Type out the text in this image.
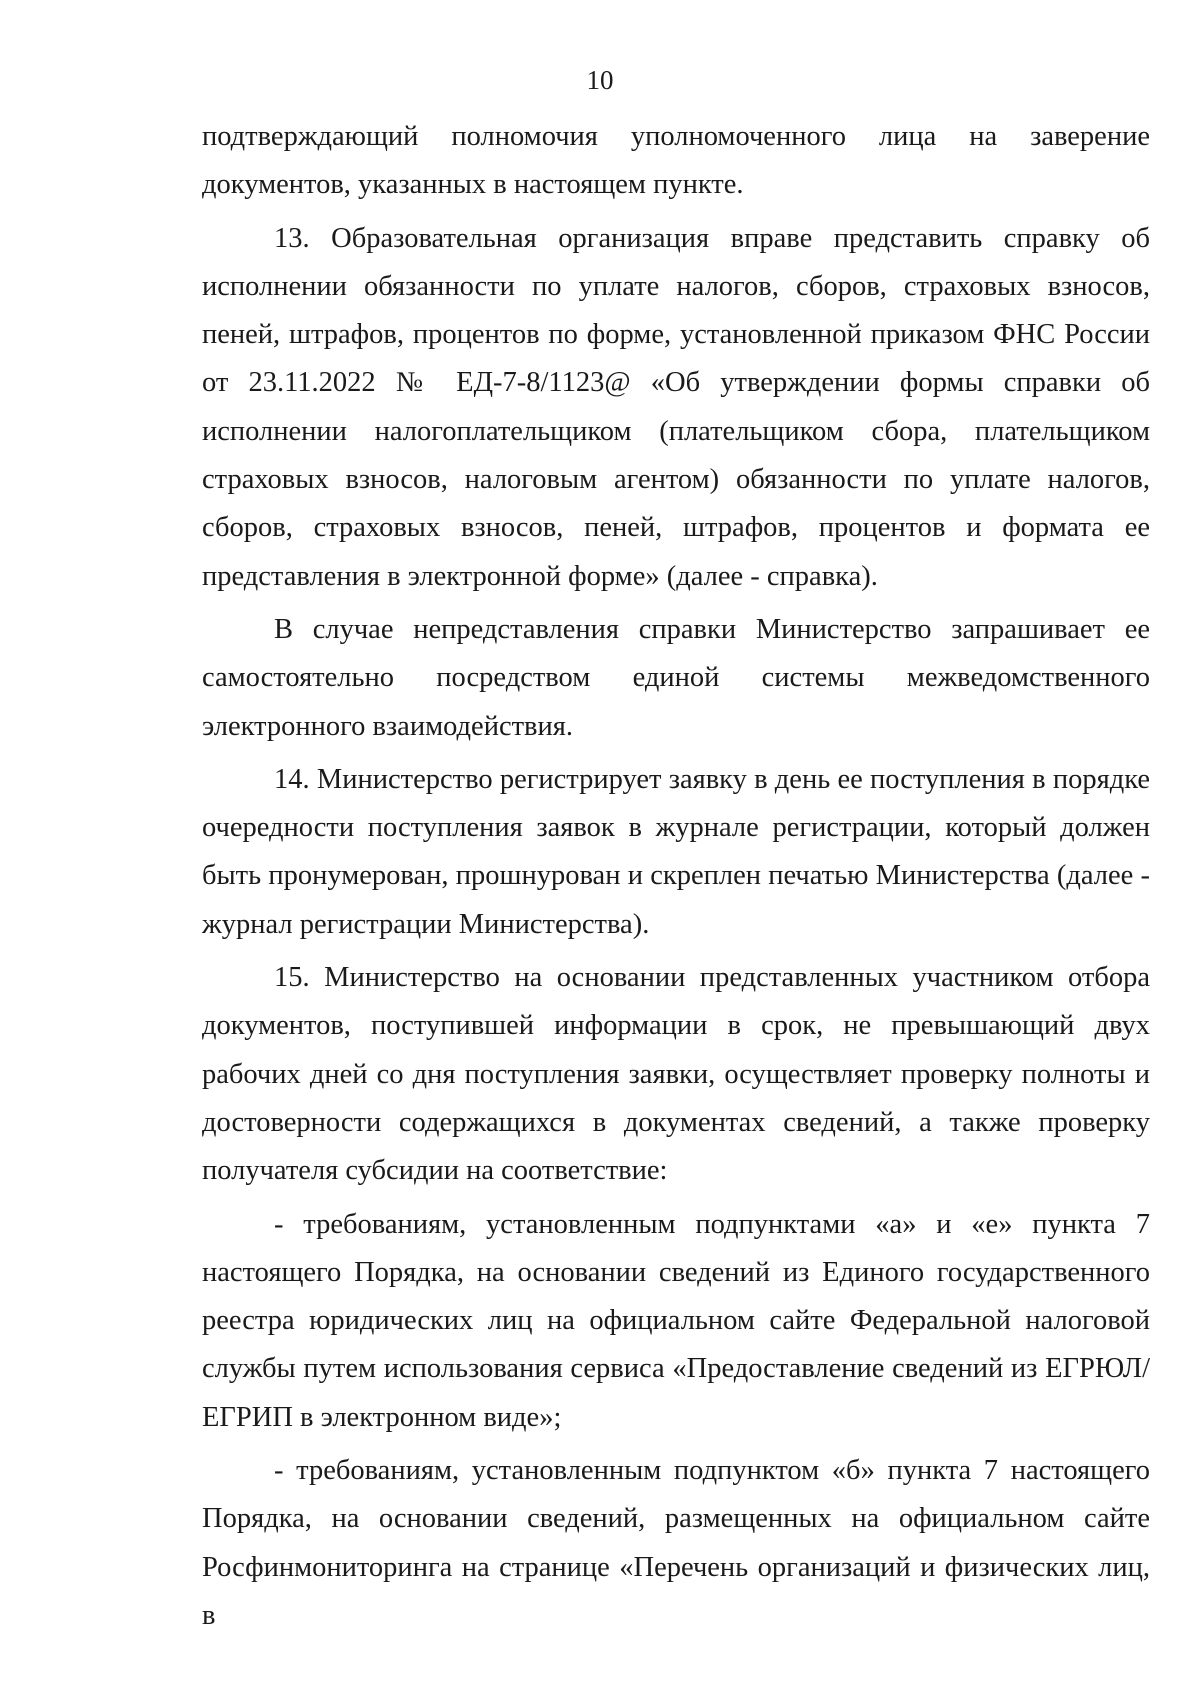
10

подтверждающий полномочия уполномоченного лица на заверение документов, указанных в настоящем пункте.

13. Образовательная организация вправе представить справку об исполнении обязанности по уплате налогов, сборов, страховых взносов, пеней, штрафов, процентов по форме, установленной приказом ФНС России от 23.11.2022 № ЕД-7-8/1123@ «Об утверждении формы справки об исполнении налогоплательщиком (плательщиком сбора, плательщиком страховых взносов, налоговым агентом) обязанности по уплате налогов, сборов, страховых взносов, пеней, штрафов, процентов и формата ее представления в электронной форме» (далее - справка).

В случае непредставления справки Министерство запрашивает ее самостоятельно посредством единой системы межведомственного электронного взаимодействия.

14. Министерство регистрирует заявку в день ее поступления в порядке очередности поступления заявок в журнале регистрации, который должен быть пронумерован, прошнурован и скреплен печатью Министерства (далее - журнал регистрации Министерства).

15. Министерство на основании представленных участником отбора документов, поступившей информации в срок, не превышающий двух рабочих дней со дня поступления заявки, осуществляет проверку полноты и достоверности содержащихся в документах сведений, а также проверку получателя субсидии на соответствие:

- требованиям, установленным подпунктами «а» и «е» пункта 7 настоящего Порядка, на основании сведений из Единого государственного реестра юридических лиц на официальном сайте Федеральной налоговой службы путем использования сервиса «Предоставление сведений из ЕГРЮЛ/ЕГРИП в электронном виде»;

- требованиям, установленным подпунктом «б» пункта 7 настоящего Порядка, на основании сведений, размещенных на официальном сайте Росфинмониторинга на странице «Перечень организаций и физических лиц, в
